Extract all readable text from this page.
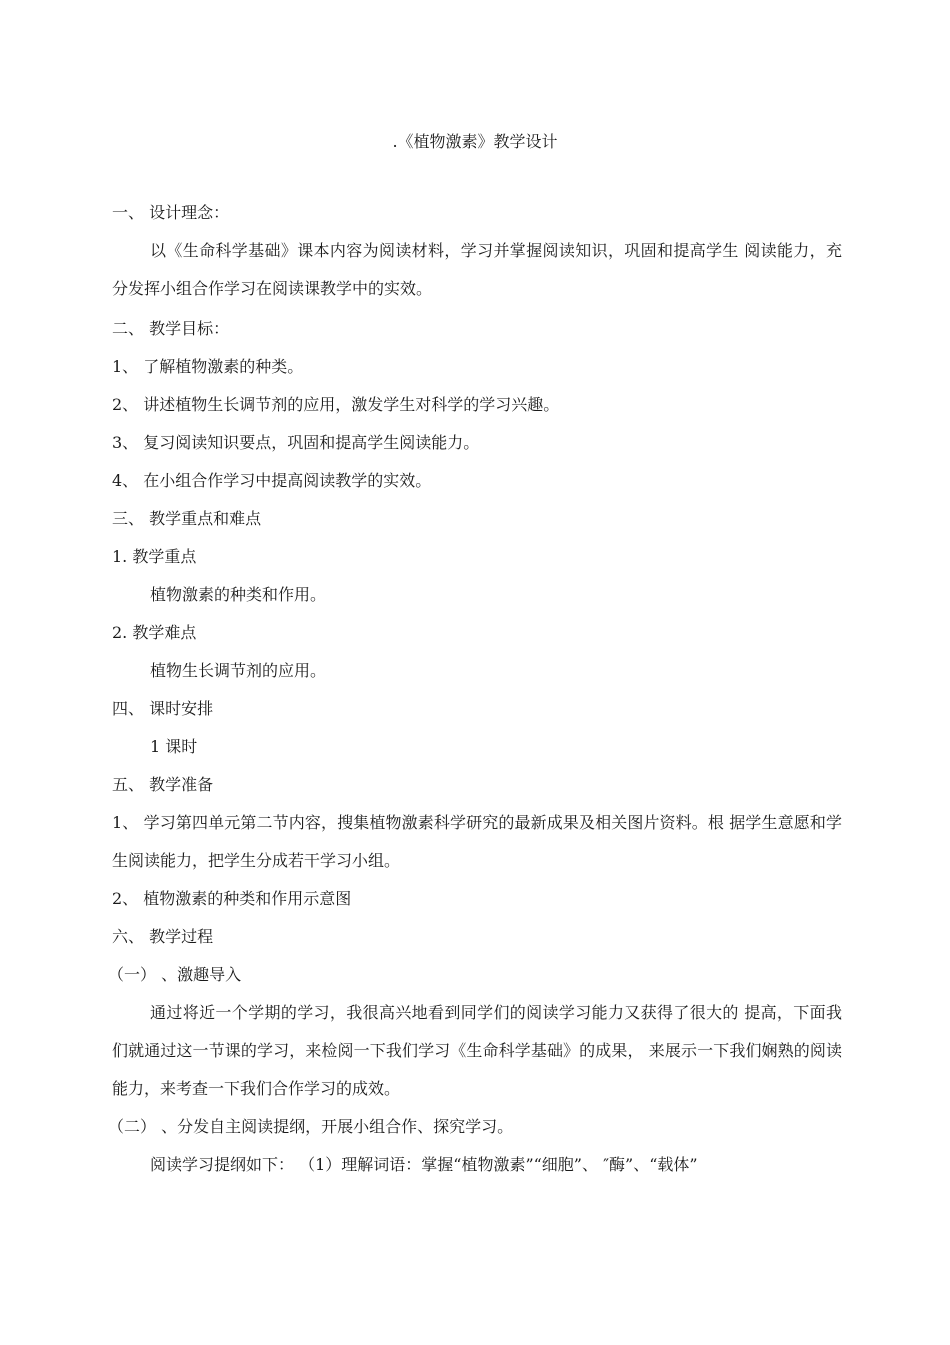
.《植物激素》教学设计
一、 设计理念：
以《生命科学基础》课本内容为阅读材料，学习并掌握阅读知识，巩固和提高学生 阅读能力，充分发挥小组合作学习在阅读课教学中的实效。
二、 教学目标：
1、 了解植物激素的种类。
2、 讲述植物生长调节剂的应用，激发学生对科学的学习兴趣。
3、 复习阅读知识要点，巩固和提高学生阅读能力。
4、 在小组合作学习中提高阅读教学的实效。
三、 教学重点和难点
1. 教学重点
植物激素的种类和作用。
2. 教学难点
植物生长调节剂的应用。
四、 课时安排
1 课时
五、 教学准备
1、 学习第四单元第二节内容，搜集植物激素科学研究的最新成果及相关图片资料。根 据学生意愿和学生阅读能力，把学生分成若干学习小组。
2、 植物激素的种类和作用示意图
六、 教学过程
（一） 、激趣导入
通过将近一个学期的学习，我很高兴地看到同学们的阅读学习能力又获得了很大的 提高，下面我们就通过这一节课的学习，来检阅一下我们学习《生命科学基础》的成果， 来展示一下我们娴熟的阅读能力，来考查一下我们合作学习的成效。
（二） 、分发自主阅读提纲，开展小组合作、探究学习。
阅读学习提纲如下： （1）理解词语：掌握“植物激素”“细胞”、 ″酶”、“载体”
